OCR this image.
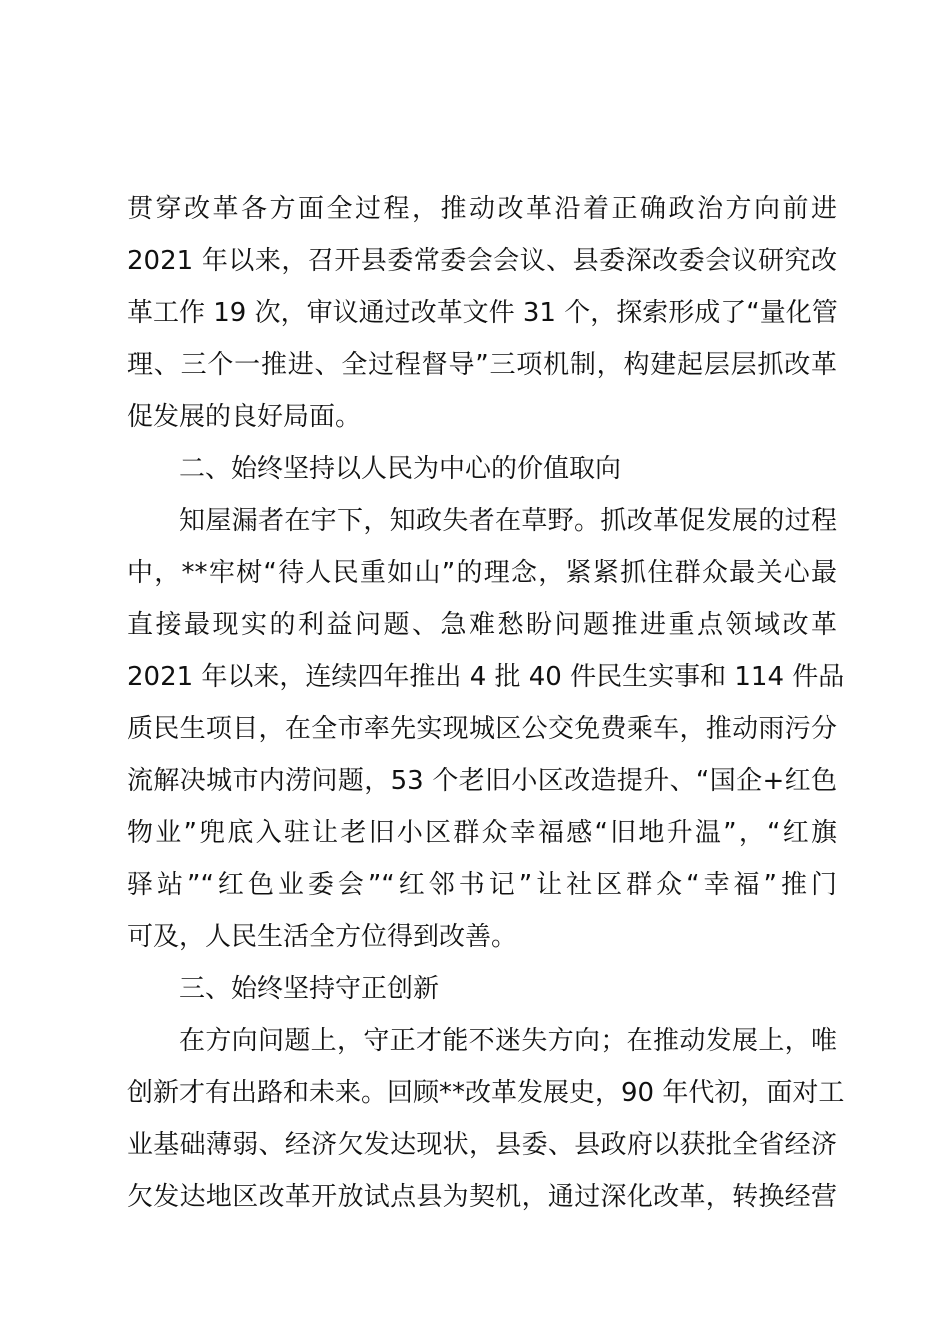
贯穿改革各方面全过程，推动改革沿着正确政治方向前进
2021 年以来，召开县委常委会会议、县委深改委会议研究改
革工作 19 次，审议通过改革文件 31 个，探索形成了“量化管
理、三个一推进、全过程督导”三项机制，构建起层层抓改革
促发展的良好局面。
二、始终坚持以人民为中心的价值取向
知屋漏者在宇下，知政失者在草野。抓改革促发展的过程
中，**牢树“待人民重如山”的理念，紧紧抓住群众最关心最
直接最现实的利益问题、急难愁盼问题推进重点领域改革
2021 年以来，连续四年推出 4 批 40 件民生实事和 114 件品
质民生项目，在全市率先实现城区公交免费乘车，推动雨污分
流解决城市内涝问题，53 个老旧小区改造提升、“国企+红色
物业”兜底入驻让老旧小区群众幸福感“旧地升温”，“红旗
驿站”“红色业委会”“红邻书记”让社区群众“幸福”推门
可及，人民生活全方位得到改善。
三、始终坚持守正创新
在方向问题上，守正才能不迷失方向；在推动发展上，唯
创新才有出路和未来。回顾**改革发展史，90 年代初，面对工
业基础薄弱、经济欠发达现状，县委、县政府以获批全省经济
欠发达地区改革开放试点县为契机，通过深化改革，转换经营
